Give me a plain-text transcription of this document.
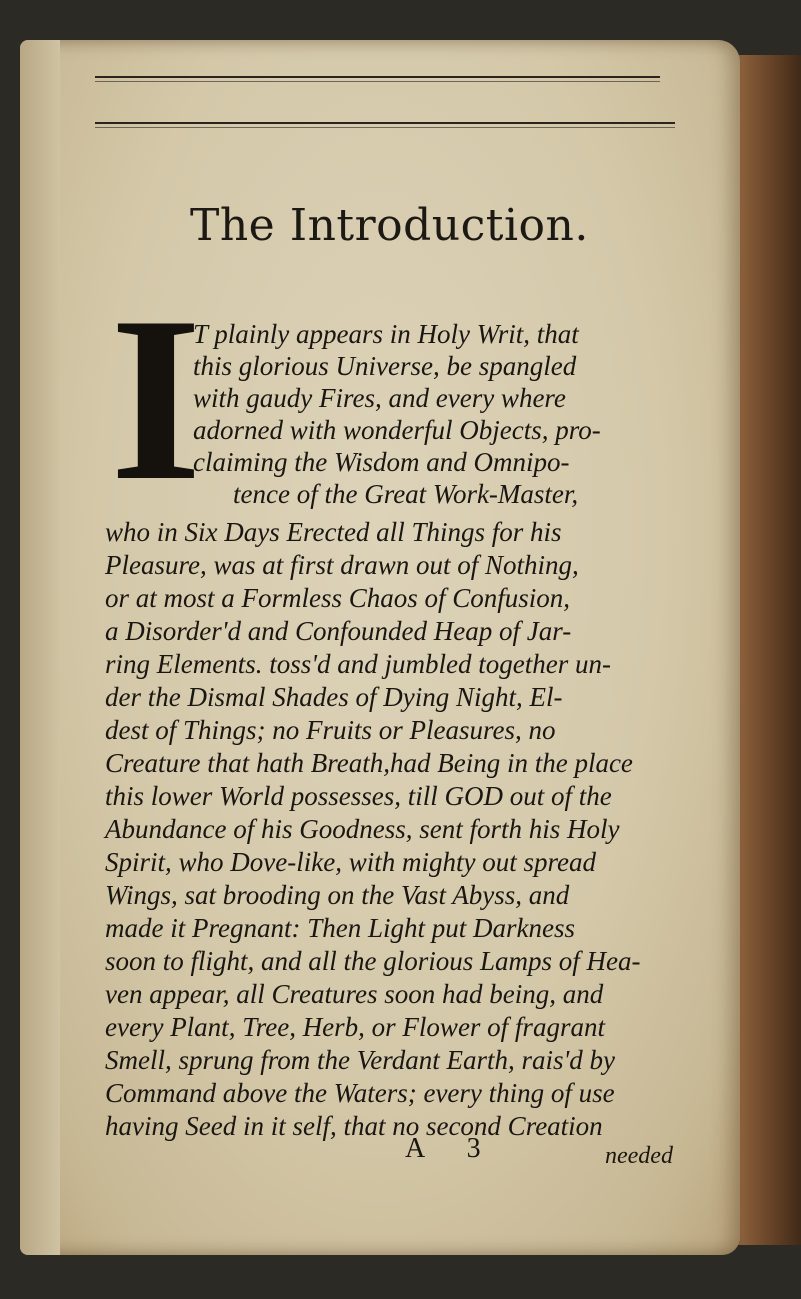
The Introduction.
I
T plainly appears in Holy Writ, that
this glorious Universe, be spangled
with gaudy Fires, and every where
adorned with wonderful Objects, pro-
claiming the Wisdom and Omnipo-
tence of the Great Work-Master,
who in Six Days Erected all Things for his
Pleasure, was at first drawn out of Nothing,
or at most a Formless Chaos of Confusion,
a Disorder'd and Confounded Heap of Jar-
ring Elements. toss'd and jumbled together un-
der the Dismal Shades of Dying Night, El-
dest of Things; no Fruits or Pleasures, no
Creature that hath Breath,had Being in the place
this lower World possesses, till GOD out of the
Abundance of his Goodness, sent forth his Holy
Spirit, who Dove-like, with mighty out spread
Wings, sat brooding on the Vast Abyss, and
made it Pregnant: Then Light put Darkness
soon to flight, and all the glorious Lamps of Hea-
ven appear, all Creatures soon had being, and
every Plant, Tree, Herb, or Flower of fragrant
Smell, sprung from the Verdant Earth, rais'd by
Command above the Waters; every thing of use
having Seed in it self, that no second Creation
A 3	needed
